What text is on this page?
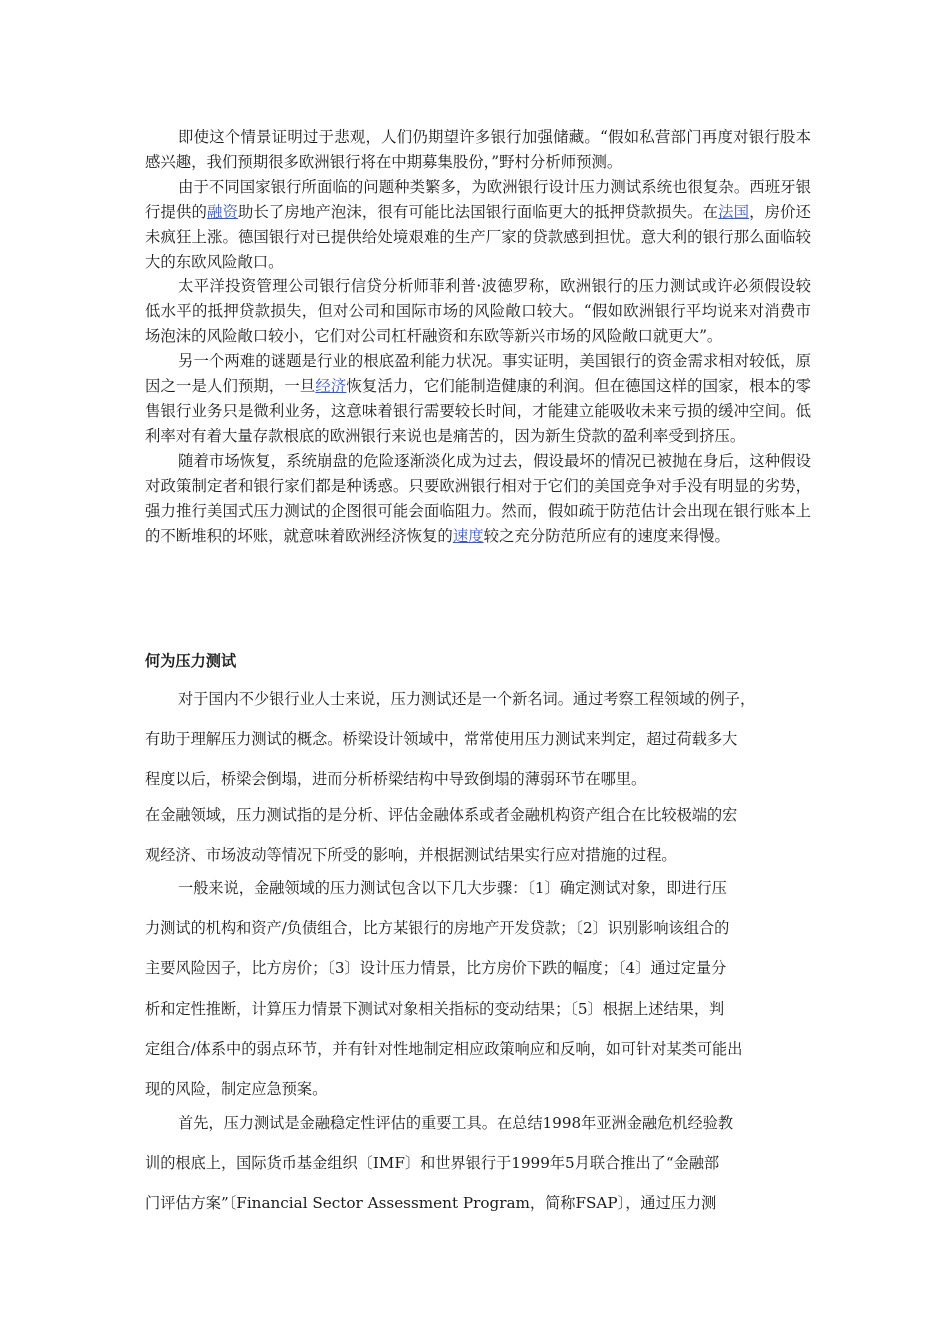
即使这个情景证明过于悲观，人们仍期望许多银行加强储藏。“假如私营部门再度对银行股本感兴趣，我们预期很多欧洲银行将在中期募集股份，”野村分析师预测。

由于不同国家银行所面临的问题种类繁多，为欧洲银行设计压力测试系统也很复杂。西班牙银行提供的融资助长了房地产泡沫，很有可能比法国银行面临更大的抵押贷款损失。在法国，房价还未疯狂上涨。德国银行对已提供给处境艰难的生产厂家的贷款感到担忧。意大利的银行那么面临较大的东欧风险敞口。

太平洋投资管理公司银行信贷分析师菲利普·波德罗称，欧洲银行的压力测试或许必须假设较低水平的抵押贷款损失，但对公司和国际市场的风险敞口较大。“假如欧洲银行平均说来对消费市场泡沫的风险敞口较小，它们对公司杠杆融资和东欧等新兴市场的风险敞口就更大”。

另一个两难的谜题是行业的根底盈利能力状况。事实证明，美国银行的资金需求相对较低，原因之一是人们预期，一旦经济恢复活力，它们能制造健康的利润。但在德国这样的国家，根本的零售银行业务只是微利业务，这意味着银行需要较长时间，才能建立能吸收未来亏损的缓冲空间。低利率对有着大量存款根底的欧洲银行来说也是痛苦的，因为新生贷款的盈利率受到挤压。

随着市场恢复，系统崩盘的危险逐渐淡化成为过去，假设最坏的情况已被抛在身后，这种假设对政策制定者和银行家们都是种诱惑。只要欧洲银行相对于它们的美国竞争对手没有明显的劣势，强力推行美国式压力测试的企图很可能会面临阻力。然而，假如疏于防范估计会出现在银行账本上的不断堆积的坏账，就意味着欧洲经济恢复的速度较之充分防范所应有的速度来得慢。

何为压力测试

对于国内不少银行业人士来说，压力测试还是一个新名词。通过考察工程领域的例子，
有助于理解压力测试的概念。桥梁设计领域中，常常使用压力测试来判定，超过荷载多大
程度以后，桥梁会倒塌，进而分析桥梁结构中导致倒塌的薄弱环节在哪里。

在金融领域，压力测试指的是分析、评估金融体系或者金融机构资产组合在比较极端的宏
观经济、市场波动等情况下所受的影响，并根据测试结果实行应对措施的过程。

一般来说，金融领域的压力测试包含以下几大步骤：〔1〕确定测试对象，即进行压
力测试的机构和资产/负债组合，比方某银行的房地产开发贷款；〔2〕识别影响该组合的
主要风险因子，比方房价；〔3〕设计压力情景，比方房价下跌的幅度；〔4〕通过定量分
析和定性推断，计算压力情景下测试对象相关指标的变动结果；〔5〕根据上述结果，判
定组合/体系中的弱点环节，并有针对性地制定相应政策响应和反响，如可针对某类可能出
现的风险，制定应急预案。

首先，压力测试是金融稳定性评估的重要工具。在总结1998年亚洲金融危机经验教
训的根底上，国际货币基金组织〔IMF〕和世界银行于1999年5月联合推出了“金融部
门评估方案”〔Financial Sector Assessment Program，简称FSAP〕，通过压力测
